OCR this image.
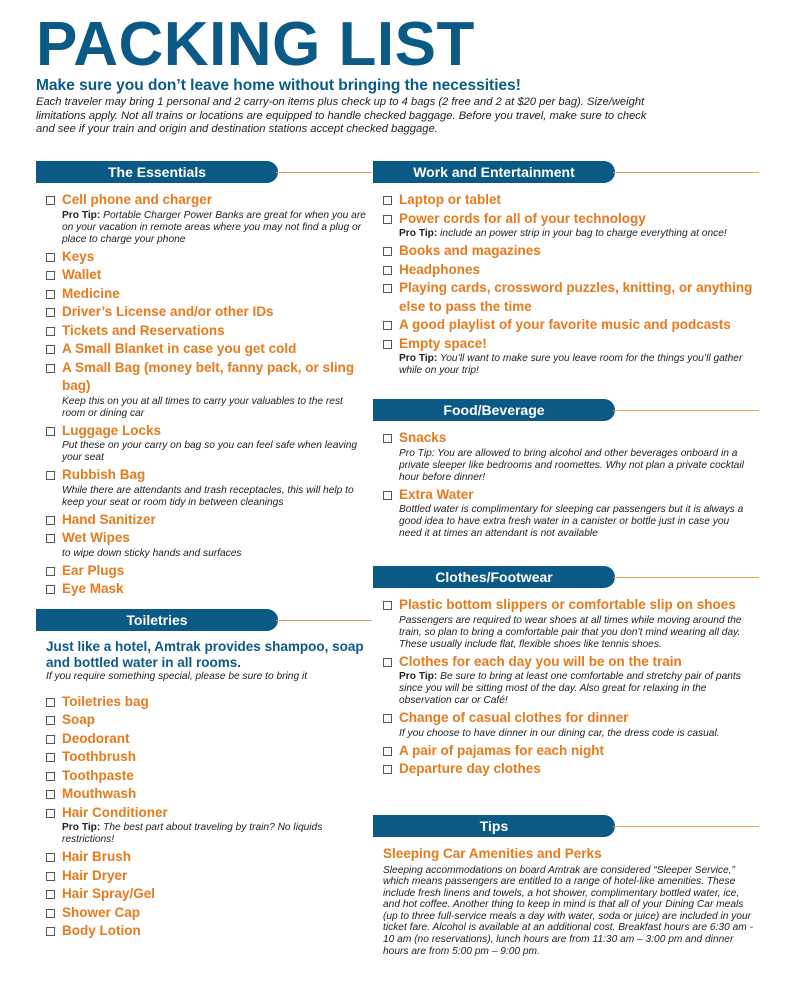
PACKING LIST
Make sure you don’t leave home without bringing the necessities!
Each traveler may bring 1 personal and 2 carry-on items plus check up to 4 bags (2 free and 2 at $20 per bag). Size/weight limitations apply. Not all trains or locations are equipped to handle checked baggage. Before you travel, make sure to check and see if your train and origin and destination stations accept checked baggage.
The Essentials
Cell phone and charger
Pro Tip: Portable Charger Power Banks are great for when you are on your vacation in remote areas where you may not find a plug or place to charge your phone
Keys
Wallet
Medicine
Driver’s License and/or other IDs
Tickets and Reservations
A Small Blanket in case you get cold
A Small Bag (money belt, fanny pack, or sling bag)
Keep this on you at all times to carry your valuables to the rest room or dining car
Luggage Locks
Put these on your carry on bag so you can feel safe when leaving your seat
Rubbish Bag
While there are attendants and trash receptacles, this will help to keep your seat or room tidy in between cleanings
Hand Sanitizer
Wet Wipes
to wipe down sticky hands and surfaces
Ear Plugs
Eye Mask
Toiletries
Just like a hotel, Amtrak provides shampoo, soap and bottled water in all rooms.
If you require something special, please be sure to bring it
Toiletries bag
Soap
Deodorant
Toothbrush
Toothpaste
Mouthwash
Hair Conditioner
Pro Tip: The best part about traveling by train? No liquids restrictions!
Hair Brush
Hair Dryer
Hair Spray/Gel
Shower Cap
Body Lotion
Work and Entertainment
Laptop or tablet
Power cords for all of your technology
Pro Tip: include an power strip in your bag to charge everything at once!
Books and magazines
Headphones
Playing cards, crossword puzzles, knitting, or anything else to pass the time
A good playlist of your favorite music and podcasts
Empty space!
Pro Tip: You’ll want to make sure you leave room for the things you’ll gather while on your trip!
Food/Beverage
Snacks
Pro Tip: You are allowed to bring alcohol and other beverages onboard in a private sleeper like bedrooms and roomettes. Why not plan a private cocktail hour before dinner!
Extra Water
Bottled water is complimentary for sleeping car passengers but it is always a good idea to have extra fresh water in a canister or bottle just in case you need it at times an attendant is not available
Clothes/Footwear
Plastic bottom slippers or comfortable slip on shoes
Passengers are required to wear shoes at all times while moving around the train, so plan to bring a comfortable pair that you don’t mind wearing all day. These usually include flat, flexible shoes like tennis shoes.
Clothes for each day you will be on the train
Pro Tip: Be sure to bring at least one comfortable and stretchy pair of pants since you will be sitting most of the day. Also great for relaxing in the observation car or Café!
Change of casual clothes for dinner
If you choose to have dinner in our dining car, the dress code is casual.
A pair of pajamas for each night
Departure day clothes
Tips
Sleeping Car Amenities and Perks
Sleeping accommodations on board Amtrak are considered “Sleeper Service,” which means passengers are entitled to a range of hotel-like amenities. These include fresh linens and towels, a hot shower, complimentary bottled water, ice, and hot coffee. Another thing to keep in mind is that all of your Dining Car meals (up to three full-service meals a day with water, soda or juice) are included in your ticket fare. Alcohol is available at an additional cost. Breakfast hours are 6:30 am - 10 am (no reservations), lunch hours are from 11:30 am – 3:00 pm and dinner hours are from 5:00 pm – 9:00 pm.
